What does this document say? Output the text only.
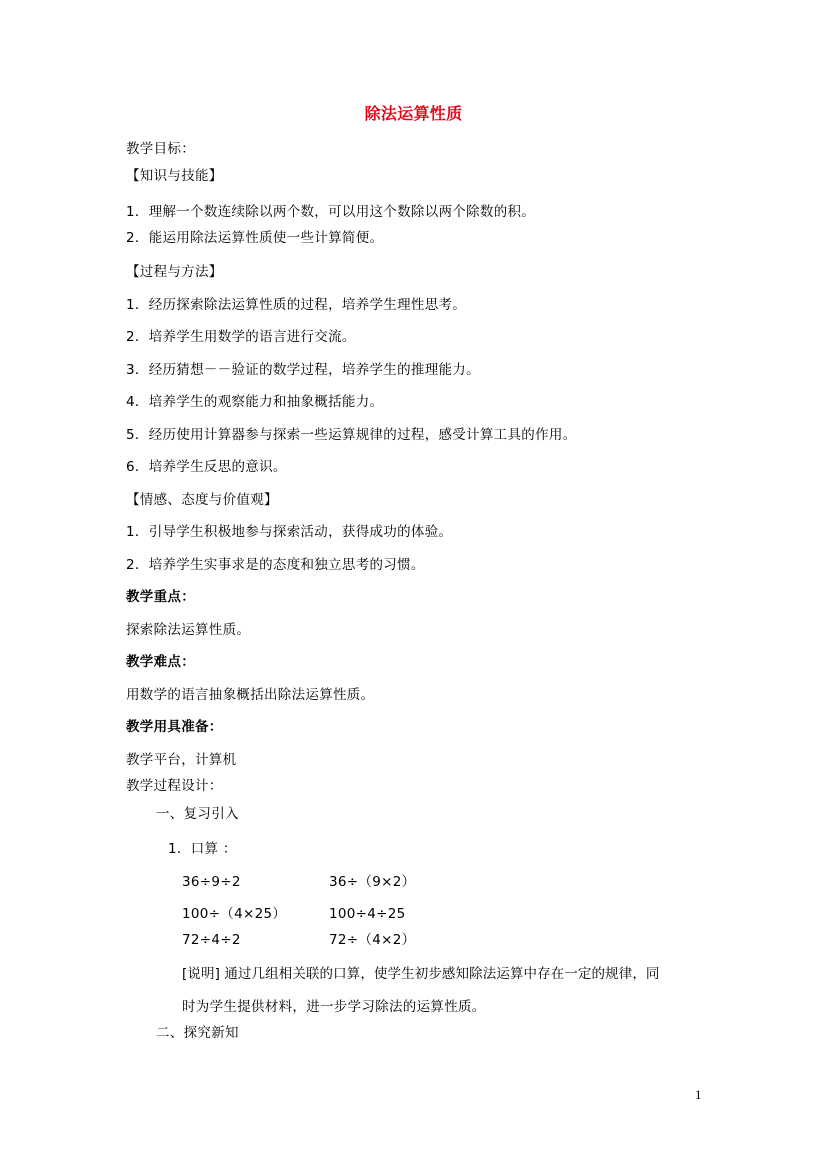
除法运算性质
教学目标：
【知识与技能】
1．理解一个数连续除以两个数，可以用这个数除以两个除数的积。
2．能运用除法运算性质使一些计算简便。
【过程与方法】
1．经历探索除法运算性质的过程，培养学生理性思考。
2．培养学生用数学的语言进行交流。
3．经历猜想－－验证的数学过程，培养学生的推理能力。
4．培养学生的观察能力和抽象概括能力。
5．经历使用计算器参与探索一些运算规律的过程，感受计算工具的作用。
6．培养学生反思的意识。
【情感、态度与价值观】
1．引导学生积极地参与探索活动，获得成功的体验。
2．培养学生实事求是的态度和独立思考的习惯。
教学重点：
探索除法运算性质。
教学难点：
用数学的语言抽象概括出除法运算性质。
教学用具准备：
教学平台，计算机
教学过程设计：
一、复习引入
1．口算 ：
36÷9÷2	36÷（9×2）
100÷（4×25）	100÷4÷25
72÷4÷2	72÷（4×2）
[说明] 通过几组相关联的口算，使学生初步感知除法运算中存在一定的规律，同
时为学生提供材料，进一步学习除法的运算性质。
二、探究新知
1
